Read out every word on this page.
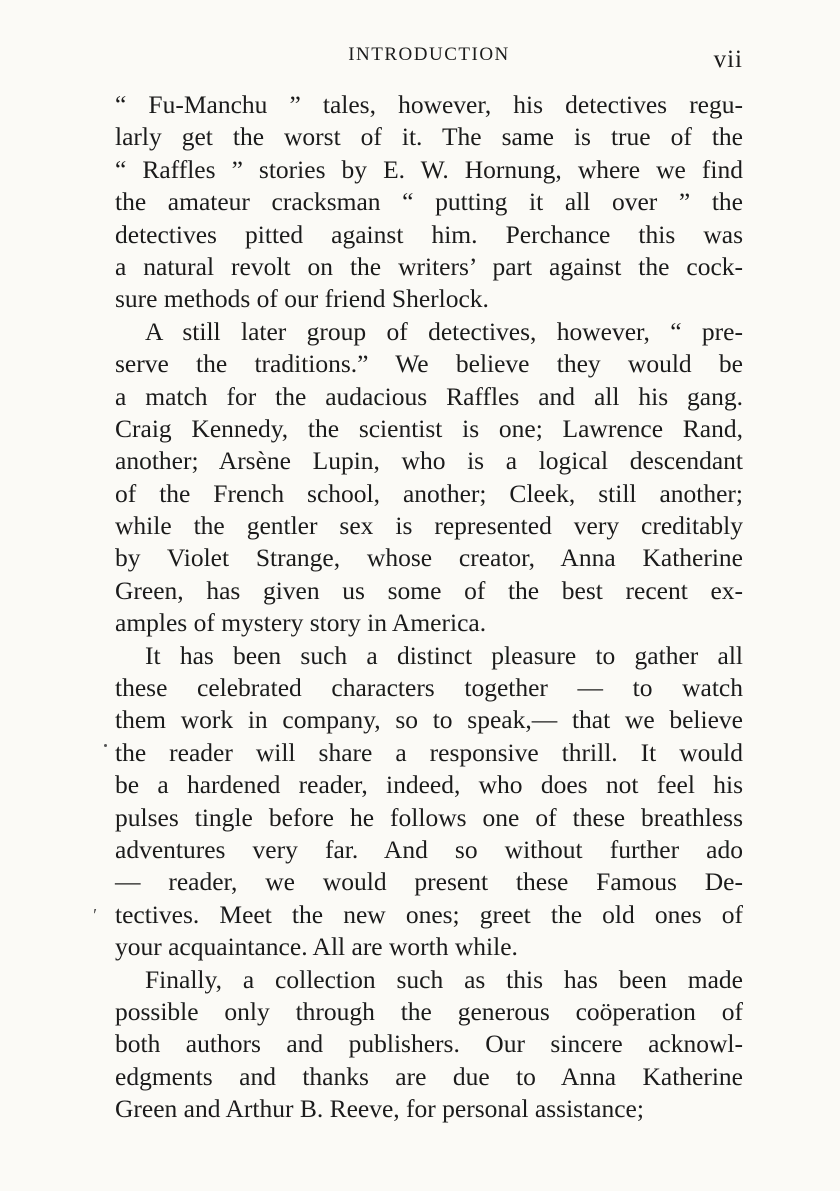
INTRODUCTION	vii
“ Fu-Manchu ” tales, however, his detectives regu-
larly get the worst of it. The same is true of the
“ Raffles ” stories by E. W. Hornung, where we find
the amateur cracksman “ putting it all over ” the
detectives pitted against him. Perchance this was
a natural revolt on the writers’ part against the cock-
sure methods of our friend Sherlock.
A still later group of detectives, however, “ pre-
serve the traditions.” We believe they would be
a match for the audacious Raffles and all his gang.
Craig Kennedy, the scientist is one; Lawrence Rand,
another; Arsène Lupin, who is a logical descendant
of the French school, another; Cleek, still another;
while the gentler sex is represented very creditably
by Violet Strange, whose creator, Anna Katherine
Green, has given us some of the best recent ex-
amples of mystery story in America.
It has been such a distinct pleasure to gather all
these celebrated characters together — to watch
them work in company, so to speak,— that we believe
the reader will share a responsive thrill. It would
be a hardened reader, indeed, who does not feel his
pulses tingle before he follows one of these breathless
adventures very far. And so without further ado
— reader, we would present these Famous De-
tectives. Meet the new ones; greet the old ones of
your acquaintance. All are worth while.
Finally, a collection such as this has been made
possible only through the generous coöperation of
both authors and publishers. Our sincere acknowl-
edgments and thanks are due to Anna Katherine
Green and Arthur B. Reeve, for personal assistance;
′
